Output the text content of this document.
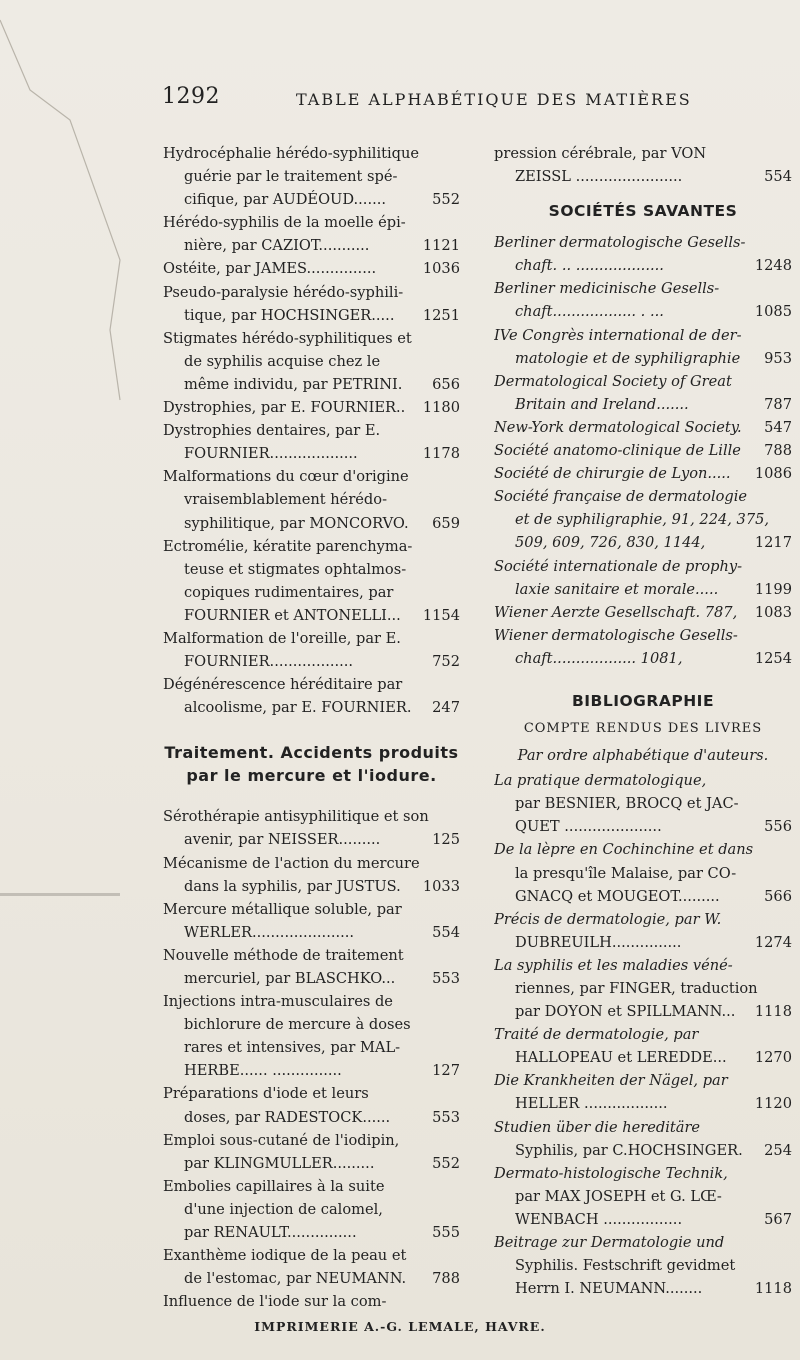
1292	TABLE ALPHABÉTIQUE DES MATIÈRES
Hydrocéphalie hérédo-syphilitique
guérie par le traitement spé-
cifique, par AUDÉOUD.......	552
Hérédo-syphilis de la moelle épi-
nière, par CAZIOT...........	1121
Ostéite, par JAMES...............	1036
Pseudo-paralysie hérédo-syphili-
tique, par HOCHSINGER.....	1251
Stigmates hérédo-syphilitiques et
de syphilis acquise chez le
même individu, par PETRINI.	656
Dystrophies, par E. FOURNIER..	1180
Dystrophies dentaires, par E.
FOURNIER...................	1178
Malformations du cœur d'origine
vraisemblablement hérédo-
syphilitique, par MONCORVO.	659
Ectromélie, kératite parenchyma-
teuse et stigmates ophtalmos-
copiques rudimentaires, par
FOURNIER et ANTONELLI...	1154
Malformation de l'oreille, par E.
FOURNIER..................	752
Dégénérescence héréditaire par
alcoolisme, par E. FOURNIER.	247
Traitement. Accidents produits par le mercure et l'iodure.
Sérothérapie antisyphilitique et son
avenir, par NEISSER.........	125
Mécanisme de l'action du mercure
dans la syphilis, par JUSTUS.	1033
Mercure métallique soluble, par
WERLER......................	554
Nouvelle méthode de traitement
mercuriel, par BLASCHKO...	553
Injections intra-musculaires de
bichlorure de mercure à doses
rares et intensives, par MAL-
HERBE...... ...............	127
Préparations d'iode et leurs
doses, par RADESTOCK......	553
Emploi sous-cutané de l'iodipin,
par KLINGMULLER.........	552
Embolies capillaires à la suite
d'une injection de calomel,
par RENAULT...............	555
Exanthème iodique de la peau et
de l'estomac, par NEUMANN.	788
Influence de l'iode sur la com-
pression cérébrale, par VON
ZEISSL .......................	554
SOCIÉTÉS SAVANTES
Berliner dermatologische Gesells-
chaft. .. ...................	1248
Berliner medicinische Gesells-
chaft.................. . ...	1085
IVe Congrès international de der-
matologie et de syphiligraphie	953
Dermatological Society of Great
Britain and Ireland.......	787
New-York dermatological Society.	547
Société anatomo-clinique de Lille	788
Société de chirurgie de Lyon.....	1086
Société française de dermatologie
et de syphiligraphie, 91, 224, 375,
509, 609, 726, 830, 1144,	1217
Société internationale de prophy-
laxie sanitaire et morale.....	1199
Wiener Aerzte Gesellschaft. 787,	1083
Wiener dermatologische Gesells-
chaft.................. 1081,	1254
BIBLIOGRAPHIE
COMPTE RENDUS DES LIVRES
Par ordre alphabétique d'auteurs.
La pratique dermatologique,
par BESNIER, BROCQ et JAC-
QUET .....................	556
De la lèpre en Cochinchine et dans
la presqu'île Malaise, par CO-
GNACQ et MOUGEOT.........	566
Précis de dermatologie, par W.
DUBREUILH...............	1274
La syphilis et les maladies véné-
riennes, par FINGER, traduction
par DOYON et SPILLMANN...	1118
Traité de dermatologie, par
HALLOPEAU et LEREDDE...	1270
Die Krankheiten der Nägel, par
HELLER ..................	1120
Studien über die hereditäre
Syphilis, par C.HOCHSINGER.	254
Dermato-histologische Technik,
par MAX JOSEPH et G. LŒ-
WENBACH .................	567
Beitrage zur Dermatologie und
Syphilis. Festschrift gevidmet
Herrn I. NEUMANN........	1118
IMPRIMERIE A.-G. LEMALE, HAVRE.
